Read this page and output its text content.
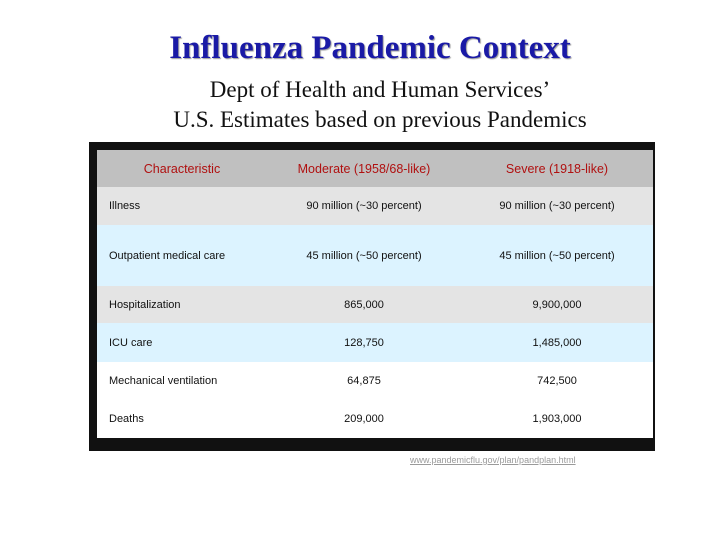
Influenza Pandemic Context
Dept of Health and Human Services’
U.S. Estimates based on previous Pandemics
Characteristic	Moderate (1958/68-like)	Severe (1918-like)
Illness	90 million (~30 percent)	90 million (~30 percent)
Outpatient medical care	45 million (~50 percent)	45 million (~50 percent)
Hospitalization	865,000	9,900,000
ICU care	128,750	1,485,000
Mechanical ventilation	64,875	742,500
Deaths	209,000	1,903,000
www.pandemicflu.gov/plan/pandplan.html
